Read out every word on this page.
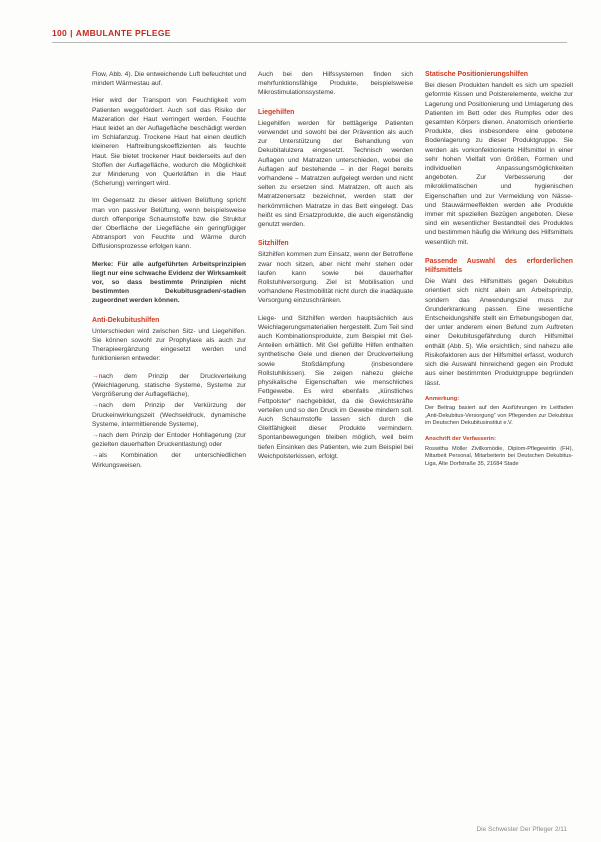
100 | AMBULANTE PFLEGE

Flow, Abb. 4). Die entweichende Luft befeuchtet und mindert Wärmestau auf.

Hier wird der Transport von Feuchtigkeit vom Patienten weggefördert. Auch soll das Risiko der Mazeration der Haut verringert werden. Feuchte Haut leidet an der Auflagefläche beschädigt werden im Schlafanzug. Trockene Haut hat einen deutlich kleineren Haftreibungskoeffizienten als feuchte Haut. Sie bietet trockener Haut beiderseits auf den Stoffen der Auflagefläche, wodurch die Möglichkeit zur Minderung von Querkräften in die Haut (Scherung) verringert wird.

Im Gegensatz zu dieser aktiven Belüftung spricht man von passiver Belüftung, wenn beispielsweise durch offenporige Schaumstoffe bzw. die Struktur der Oberfläche der Liegefläche ein geringfügiger Abtransport von Feuchte und Wärme durch Diffusionsprozesse erfolgen kann.

Merke: Für alle aufgeführten Arbeitsprinzipien liegt nur eine schwache Evidenz der Wirksamkeit vor, so dass bestimmte Prinzipien nicht bestimmten Dekubitusgraden/-stadien zugeordnet werden können.

Anti-Dekubitushilfen

Unterschieden wird zwischen Sitz- und Liegehilfen. Sie können sowohl zur Prophylaxe als auch zur Therapieergänzung eingesetzt werden und funktionieren entweder:

→ nach dem Prinzip der Druckverteilung (Weichlagerung, statische Systeme, Systeme zur Vergrößerung der Auflagefläche),
→ nach dem Prinzip der Verkürzung der Druckeinwirkungszeit (Wechseldruck, dynamische Systeme, intermittierende Systeme),
→ nach dem Prinzip der Entoder Hohllagerung (zur gezielten dauerhaften Druckentlastung) oder
→ als Kombination der unterschiedlichen Wirkungsweisen.

Auch bei den Hilfssystemen finden sich mehrfunktionsfähige Produkte, beispielsweise Mikrostimulationssysteme.

Liegehilfen

Liegehilfen werden für bettlägerige Patienten verwendet und sowohl bei der Prävention als auch zur Unterstützung der Behandlung von Dekubitalulzera eingesetzt. Technisch werden Auflagen und Matratzen unterschieden, wobei die Auflagen auf bestehende – in der Regel bereits vorhandene – Matratzen aufgelegt werden und nicht selten zu ersetzen sind. Matratzen, oft auch als Matratzenersatz bezeichnet, werden statt der herkömmlichen Matratze in das Bett eingelegt. Das heißt es sind Ersatzprodukte, die auch eigenständig genutzt werden.

Sitzhilfen

Sitzhilfen kommen zum Einsatz, wenn der Betroffene zwar noch sitzen, aber nicht mehr stehen oder laufen kann sowie bei dauerhafter Rollstuhlversorgung. Ziel ist Mobilisation und vorhandene Restmobilität nicht durch die inadäquate Versorgung einzuschränken.

Liege- und Sitzhilfen werden hauptsächlich aus Weichlagerungsmaterialien hergestellt. Zum Teil sind auch Kombinationsprodukte, zum Beispiel mit Gel-Anteilen erhältlich. Mit Gel gefüllte Hilfen enthalten synthetische Gele und dienen der Druckverteilung sowie Stoßdämpfung (insbesondere Rollstuhlkissen). Sie zeigen nahezu gleiche physikalische Eigenschaften wie menschliches Fettgewebe. Es wird ebenfalls „künstliches Fettpolster“ nachgebildet, da die Gewichtskräfte verteilen und so den Druck im Gewebe mindern soll. Auch Schaumstoffe lassen sich durch die Gleitfähigkeit dieser Produkte vermindern. Spontanbewegungen bleiben möglich, weil beim tiefen Einsinken des Patienten, wie zum Beispiel bei Weichpolsterkissen, erfolgt.

Statische Positionierungshilfen

Bei diesen Produkten handelt es sich um speziell geformte Kissen und Polsterelemente, welche zur Lagerung und Positionierung und Umlagerung des Patienten im Bett oder des Rumpfes oder des gesamten Körpers dienen. Anatomisch orientierte Produkte, dies insbesondere eine gebotene Bodenlagerung zu dieser Produktgruppe. Sie werden als vorkonfektionierte Hilfsmittel in einer sehr hohen Vielfalt von Größen, Formen und individuellen Anpassungsmöglichkeiten angeboten. Zur Verbesserung der mikroklimatischen und hygienischen Eigenschaften und zur Vermeidung von Nässe- und Stauwärmeeffekten werden alle Produkte immer mit speziellen Bezügen angeboten. Diese sind ein wesentlicher Bestandteil des Produktes und bestimmen häufig die Wirkung des Hilfsmittels wesentlich mit.

Passende Auswahl des erforderlichen Hilfsmittels

Die Wahl des Hilfsmittels gegen Dekubitus orientiert sich nicht allein am Arbeitsprinzip, sondern das Anwendungsziel muss zur Grunderkrankung passen. Eine wesentliche Entscheidungshilfe stellt ein Erhebungsbogen dar, der unter anderem einen Befund zum Auftreten einer Dekubitusgefährdung durch Hilfsmittel enthält (Abb. 5). Wie ersichtlich, sind nahezu alle Risikofaktoren aus der Hilfsmittel erfasst, wodurch sich die Auswahl hinreichend gegen ein Produkt aus einer bestimmten Produktgruppe begründen lässt.

Anmerkung:

Der Beitrag basiert auf den Ausführungen im Leitfaden „Anti-Dekubitus-Versorgung“ von Pflegenden zur Dekubitus im Deutschen Dekubitusinstitut e.V.

Anschrift der Verfasserin:

Roswitha Möller Zivilkomödie, Diplom-Pflegewirtin (FH), Mitarbeit Personal, Mitarbeiterin bei Deutschen Dekubitus-Liga, Alte Dorfstraße 35, 21684 Stade

Die Schwester Der Pfleger 2/11
